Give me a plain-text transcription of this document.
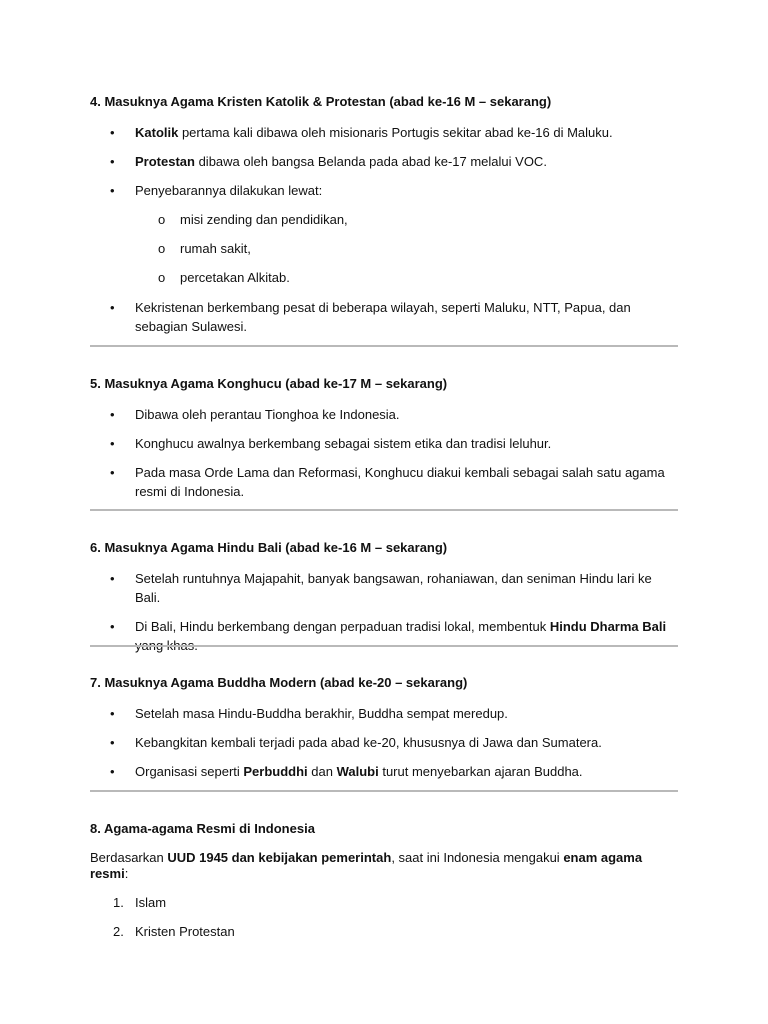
4. Masuknya Agama Kristen Katolik & Protestan (abad ke-16 M – sekarang)

• Katolik pertama kali dibawa oleh misionaris Portugis sekitar abad ke-16 di Maluku.
• Protestan dibawa oleh bangsa Belanda pada abad ke-17 melalui VOC.
• Penyebarannya dilakukan lewat:
o misi zending dan pendidikan,
o rumah sakit,
o percetakan Alkitab.
• Kekristenan berkembang pesat di beberapa wilayah, seperti Maluku, NTT, Papua, dan sebagian Sulawesi.

5. Masuknya Agama Konghucu (abad ke-17 M – sekarang)

• Dibawa oleh perantau Tionghoa ke Indonesia.
• Konghucu awalnya berkembang sebagai sistem etika dan tradisi leluhur.
• Pada masa Orde Lama dan Reformasi, Konghucu diakui kembali sebagai salah satu agama resmi di Indonesia.

6. Masuknya Agama Hindu Bali (abad ke-16 M – sekarang)

• Setelah runtuhnya Majapahit, banyak bangsawan, rohaniawan, dan seniman Hindu lari ke Bali.
• Di Bali, Hindu berkembang dengan perpaduan tradisi lokal, membentuk Hindu Dharma Bali yang khas.

7. Masuknya Agama Buddha Modern (abad ke-20 – sekarang)

• Setelah masa Hindu-Buddha berakhir, Buddha sempat meredup.
• Kebangkitan kembali terjadi pada abad ke-20, khususnya di Jawa dan Sumatera.
• Organisasi seperti Perbuddhi dan Walubi turut menyebarkan ajaran Buddha.

8. Agama-agama Resmi di Indonesia

Berdasarkan UUD 1945 dan kebijakan pemerintah, saat ini Indonesia mengakui enam agama resmi:

1. Islam
2. Kristen Protestan
